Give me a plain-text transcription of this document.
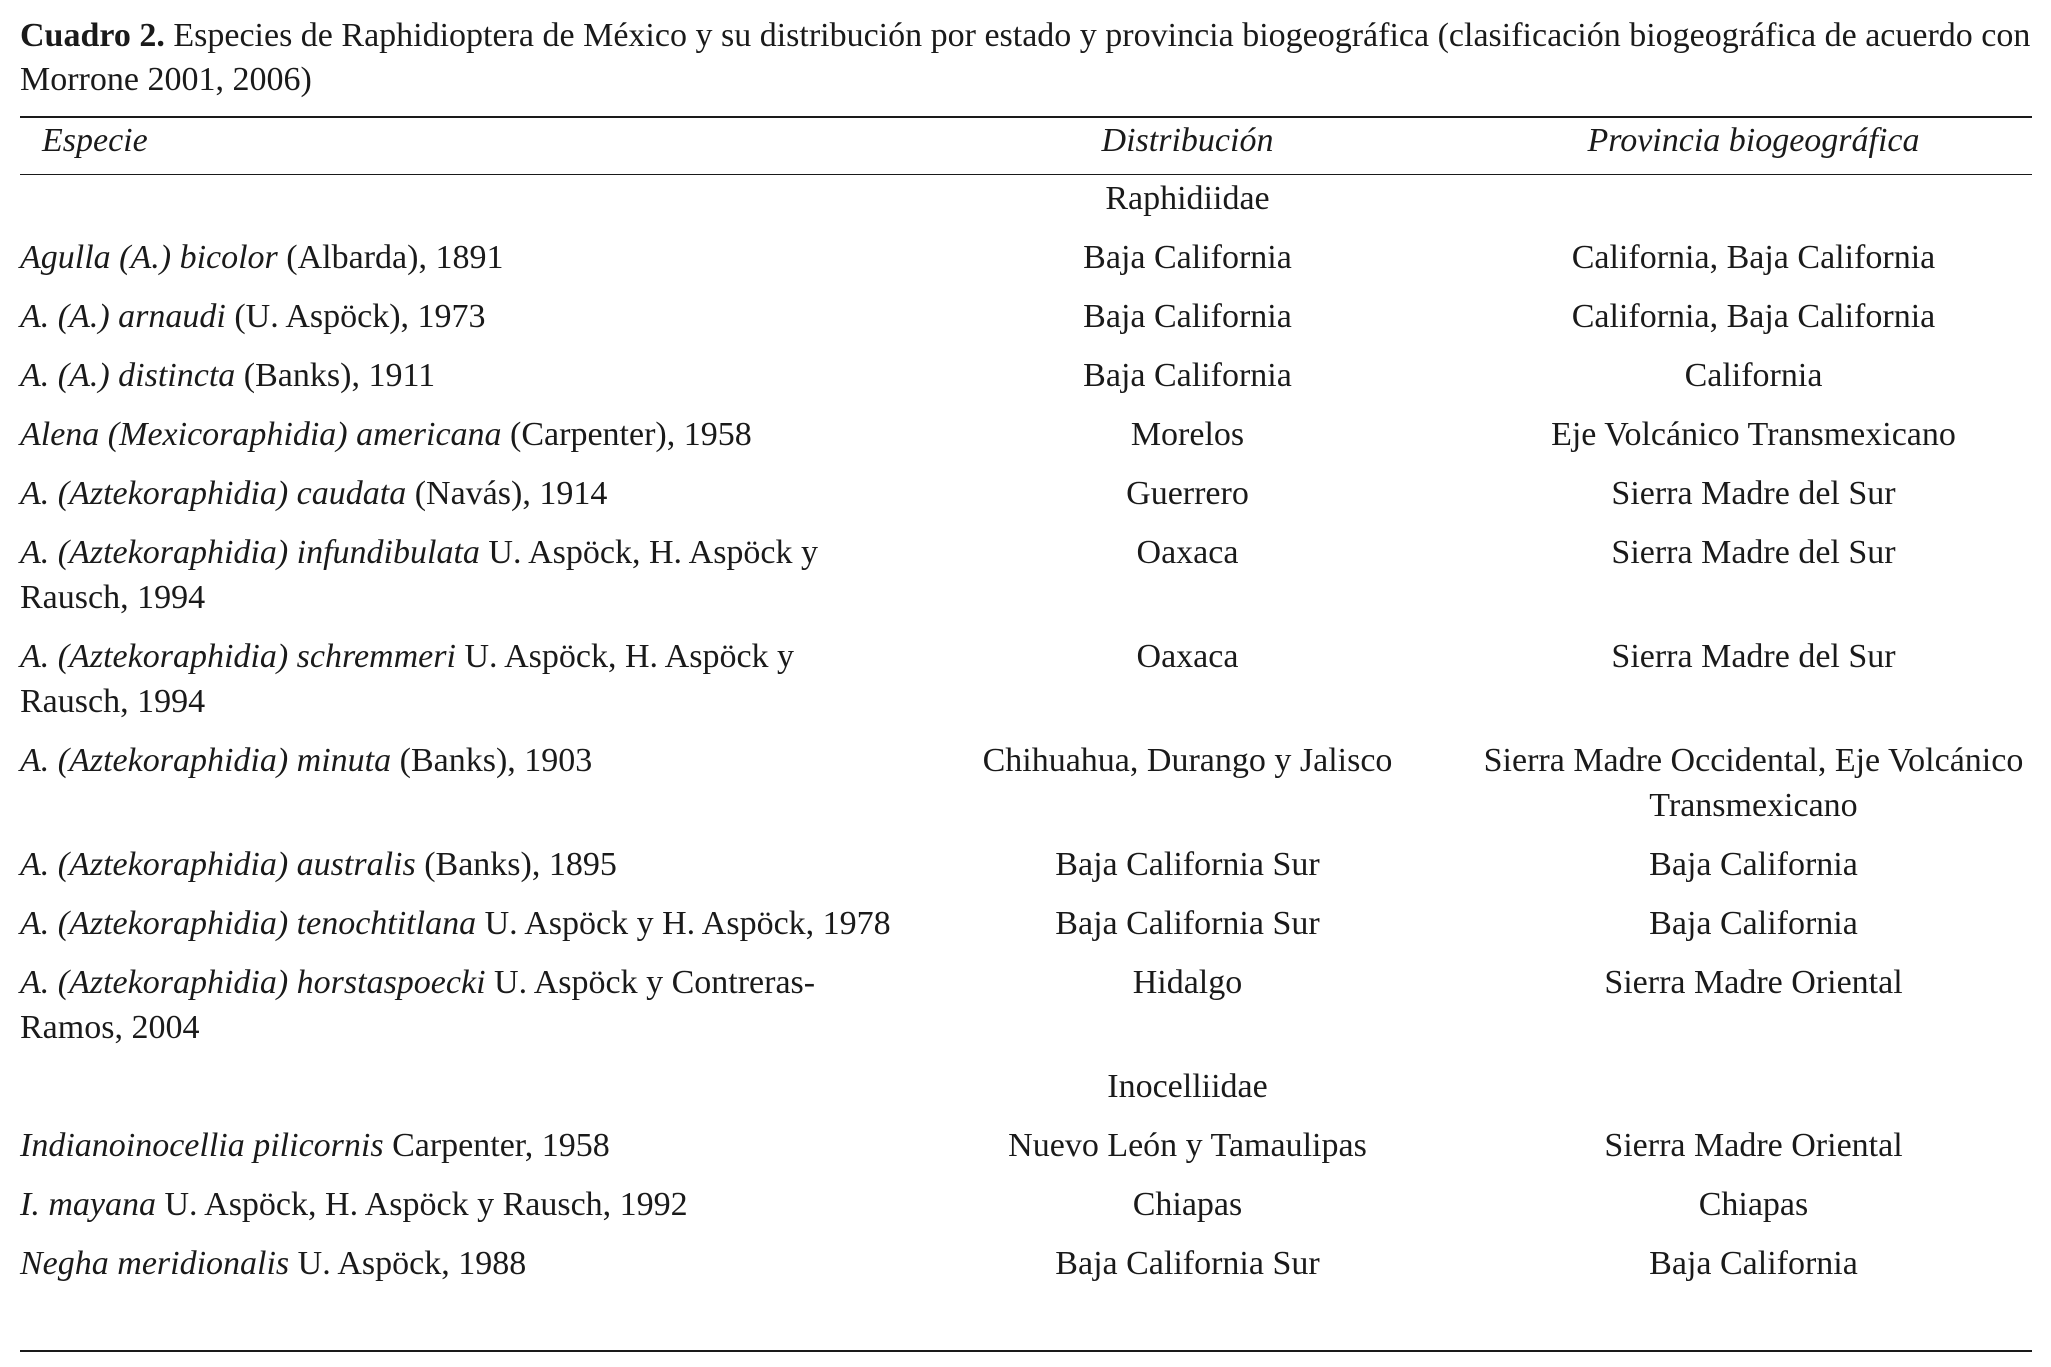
Cuadro 2. Especies de Raphidioptera de México y su distribución por estado y provincia biogeográfica (clasificación biogeográfica de acuerdo con Morrone 2001, 2006)
Especie	Distribución	Provincia biogeográfica

	Raphidiidae	
Agulla (A.) bicolor (Albarda), 1891	Baja California	California, Baja California
A. (A.) arnaudi (U. Aspöck), 1973	Baja California	California, Baja California
A. (A.) distincta (Banks), 1911	Baja California	California
Alena (Mexicoraphidia) americana (Carpenter), 1958	Morelos	Eje Volcánico Transmexicano
A. (Aztekoraphidia) caudata (Navás), 1914	Guerrero	Sierra Madre del Sur
A. (Aztekoraphidia) infundibulata U. Aspöck, H. Aspöck y Rausch, 1994	Oaxaca	Sierra Madre del Sur
A. (Aztekoraphidia) schremmeri U. Aspöck, H. Aspöck y Rausch, 1994	Oaxaca	Sierra Madre del Sur
A. (Aztekoraphidia) minuta (Banks), 1903	Chihuahua, Durango y Jalisco	Sierra Madre Occidental, Eje Volcánico Transmexicano
A. (Aztekoraphidia) australis (Banks), 1895	Baja California Sur	Baja California
A. (Aztekoraphidia) tenochtitlana U. Aspöck y H. Aspöck, 1978	Baja California Sur	Baja California
A. (Aztekoraphidia) horstaspoecki U. Aspöck y Contreras-Ramos, 2004	Hidalgo	Sierra Madre Oriental
	Inocelliidae	
Indianoinocellia pilicornis Carpenter, 1958	Nuevo León y Tamaulipas	Sierra Madre Oriental
I. mayana U. Aspöck, H. Aspöck y Rausch, 1992	Chiapas	Chiapas
Negha meridionalis U. Aspöck, 1988	Baja California Sur	Baja California
